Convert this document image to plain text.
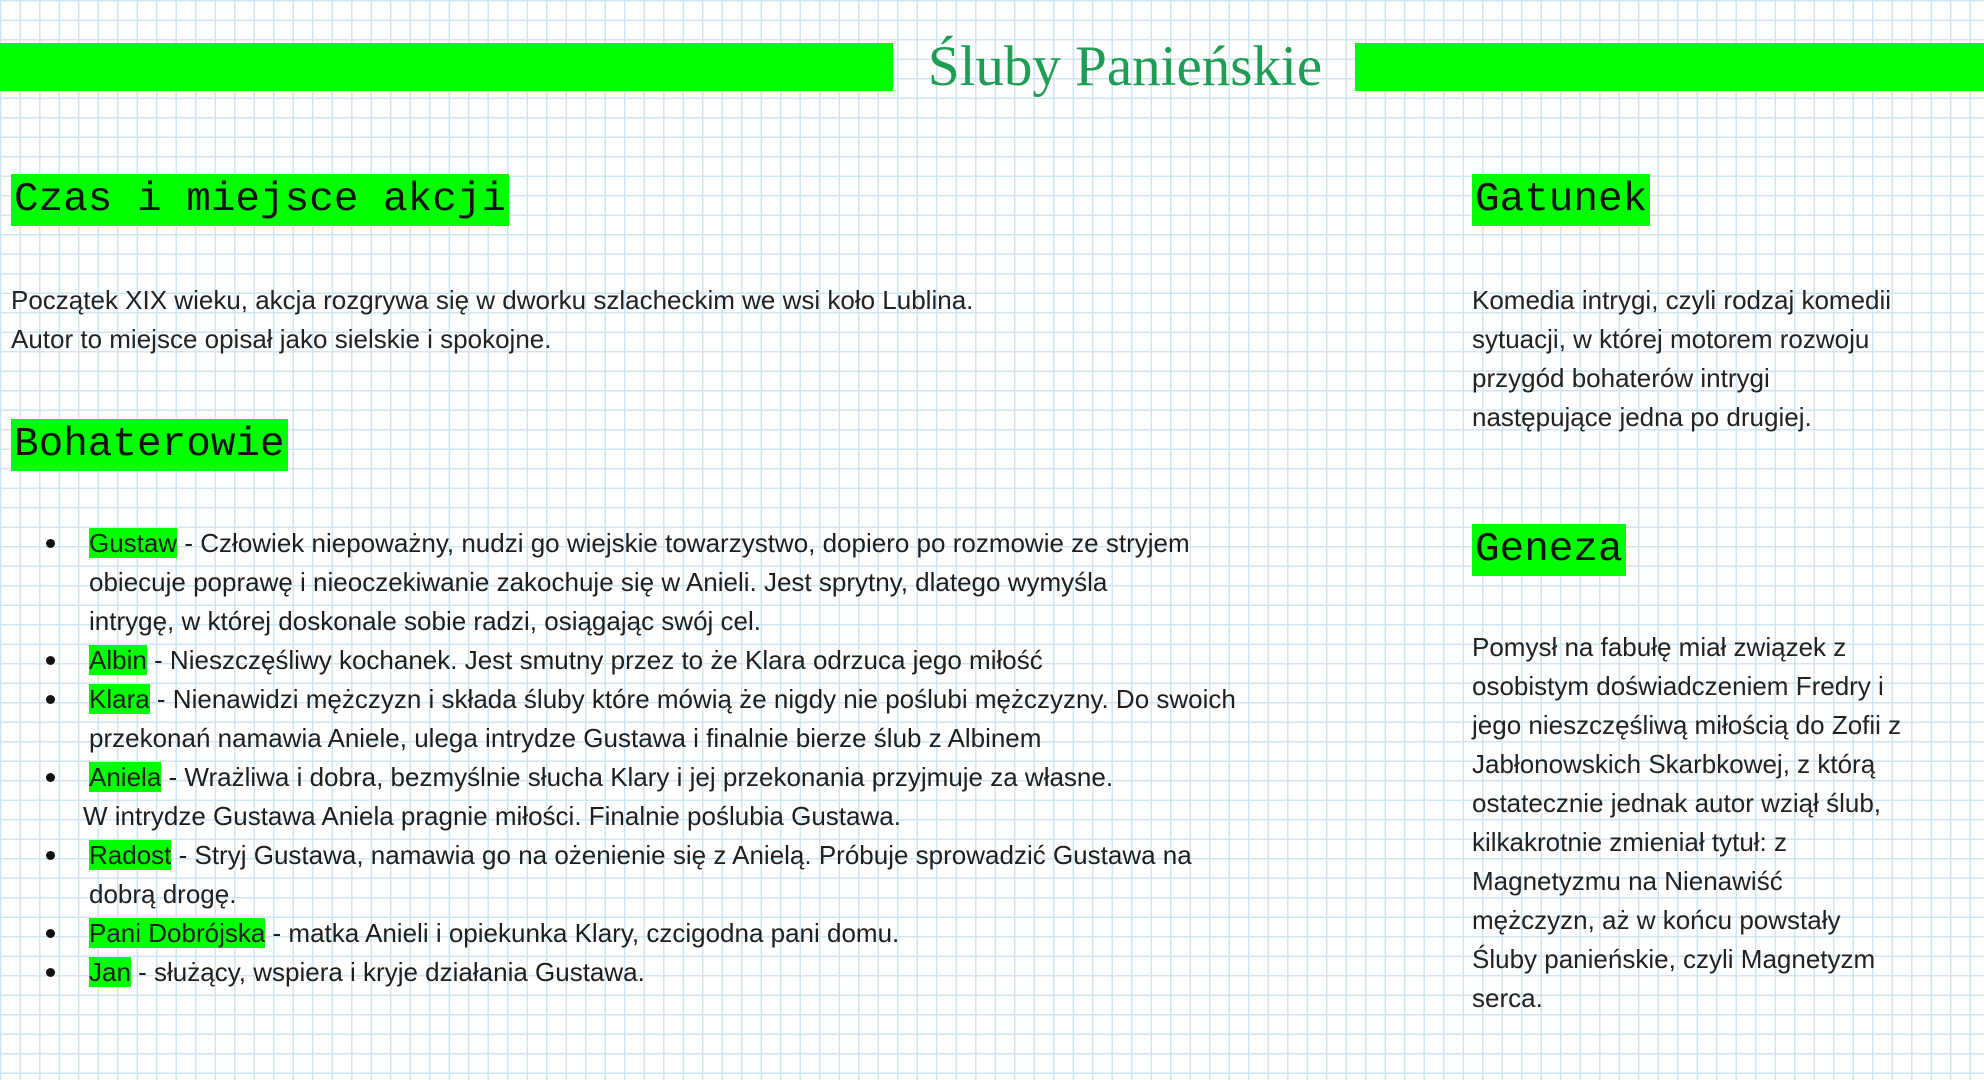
Śluby Panieńskie
Czas i miejsce akcji
Początek XIX wieku, akcja rozgrywa się w dworku szlacheckim we wsi koło Lublina.
Autor to miejsce opisał jako sielskie i spokojne.
Bohaterowie
Gustaw - Człowiek niepoważny, nudzi go wiejskie towarzystwo, dopiero po rozmowie ze stryjem
obiecuje poprawę i nieoczekiwanie zakochuje się w Anieli. Jest sprytny, dlatego wymyśla
intrygę, w której doskonale sobie radzi, osiągając swój cel.
Albin - Nieszczęśliwy kochanek. Jest smutny przez to że Klara odrzuca jego miłość
Klara - Nienawidzi mężczyzn i składa śluby które mówią że nigdy nie poślubi mężczyzny. Do swoich
przekonań namawia Aniele, ulega intrydze Gustawa i finalnie bierze ślub z Albinem
Aniela - Wrażliwa i dobra, bezmyślnie słucha Klary i jej przekonania przyjmuje za własne.
W intrydze Gustawa Aniela pragnie miłości. Finalnie poślubia Gustawa.
Radost - Stryj Gustawa, namawia go na ożenienie się z Anielą. Próbuje sprowadzić Gustawa na
dobrą drogę.
Pani Dobrójska - matka Anieli i opiekunka Klary, czcigodna pani domu.
Jan - służący, wspiera i kryje działania Gustawa.
Gatunek
Komedia intrygi, czyli rodzaj komedii
sytuacji, w której motorem rozwoju
przygód bohaterów intrygi
następujące jedna po drugiej.
Geneza
Pomysł na fabułę miał związek z
osobistym doświadczeniem Fredry i
jego nieszczęśliwą miłością do Zofii z
Jabłonowskich Skarbkowej, z którą
ostatecznie jednak autor wziął ślub,
kilkakrotnie zmieniał tytuł: z
Magnetyzmu na Nienawiść
mężczyzn, aż w końcu powstały
Śluby panieńskie, czyli Magnetyzm
serca.
